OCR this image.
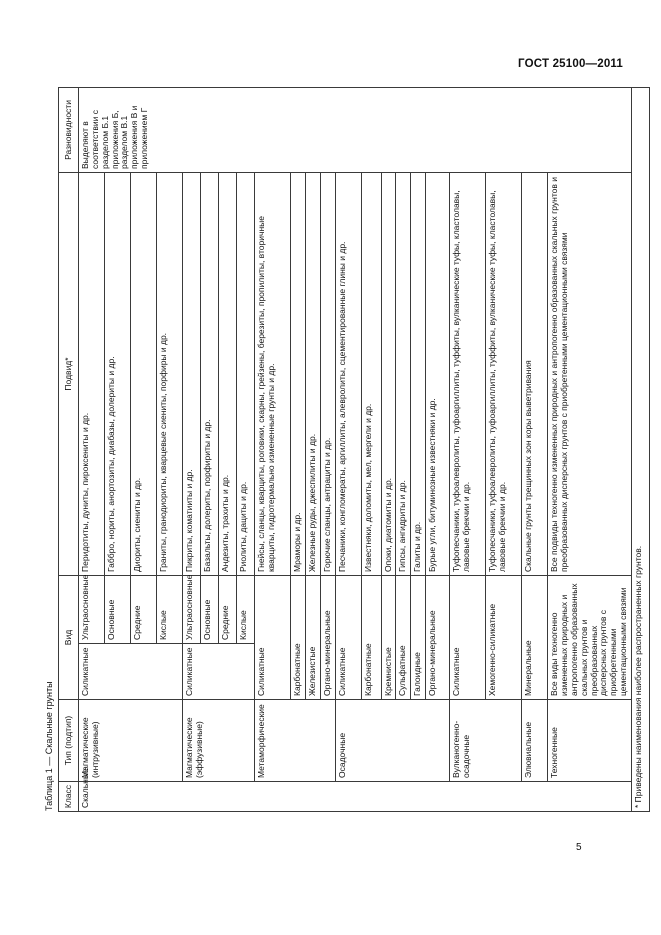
ГОСТ 25100—2011
Таблица 1 — Скальные грунты Класс	Тип (подтип)	Вид		Подвид*	Разновидности
Скальные	Магматические (интрузивные)	Силикатные	Ультраосновные	Перидотиты, дуниты, пироксениты и др.	Выделяют в соответствии с разделом Б.1 приложения Б, разделом В.1 приложения В и приложением Г
			Основные	Габбро, нориты, анортозиты, диабазы, долериты и др.	
			Средние	Диориты, сиениты и др.	
			Кислые	Граниты, гранодиориты, кварцевые сиениты, порфиры и др.	
	Магматические (эффузивные)	Силикатные	Ультраосновные	Пикриты, коматииты и др.	
			Основные	Базальты, долериты, порфириты и др.	
			Средние	Андезиты, трахиты и др.	
			Кислые	Риолиты, дациты и др.	
	Метаморфические	Силикатные		Гнейсы, сланцы, кварциты, роговики, скарны, грейзены, березиты, пропилиты, вторичные кварциты, гидротермально измененные грунты и др.	
		Карбонатные		Мраморы и др.	
		Железистые		Железные руды, джеспилиты и др.	
		Органо-минеральные		Горючие сланцы, антрациты и др.	
	Осадочные	Силикатные		Песчаники, конгломераты, аргиллиты, алевролиты, сцементированные глины и др.	
		Карбонатные		Известняки, доломиты, мел, мергели и др.	
		Кремнистые		Опоки, диатомиты и др.	
		Сульфатные		Гипсы, ангидриты и др.	
		Галоидные		Галиты и др.	
		Органо-минеральные		Бурые угли, битуминозные известняки и др.	
	Вулканогенно-осадочные	Силикатные		Туфопесчаники, туфоалевролиты, туфоаргиллиты, туффиты, вулканические туфы, кластолавы, лавовые брекчии и др.	
		Хемогенно-силикатные		Туфопесчаники, туфоалевролиты, туфоаргиллиты, туффиты, вулканические туфы, кластолавы, лавовые брекчии и др.	
	Элювиальные	Минеральные		Скальные грунты трещинных зон коры выветривания	
	Техногенные	Все виды техногенно измененных природных и антропогенно образованных скальных грунтов и преобразованных дисперсных грунтов с приобретенными цементационными связями		Все подвиды техногенно измененных природных и антропогенно образованных скальных грунтов и преобразованных дисперсных грунтов с приобретенными цементационными связями	
* Приведены наименования наиболее распространенных грунтов.					
5
